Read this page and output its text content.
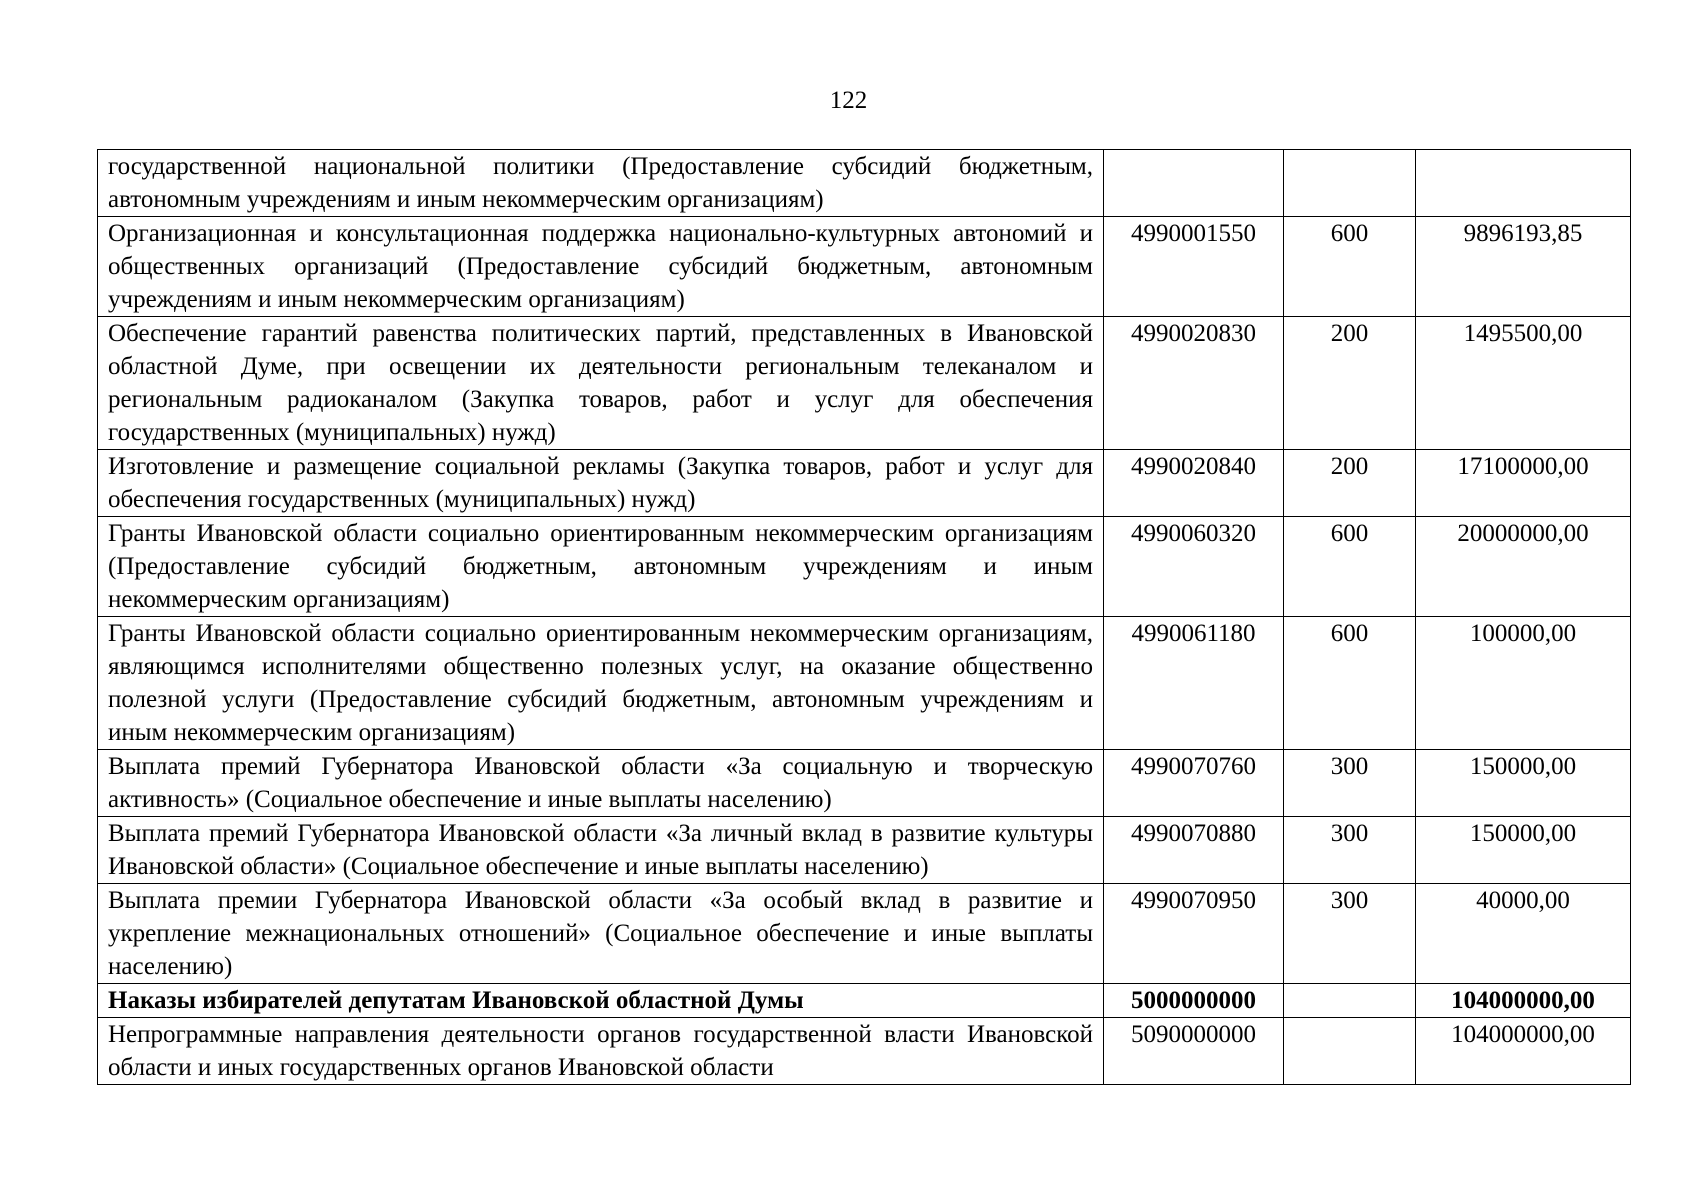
122
государственной национальной политики (Предоставление субсидий бюджетным, автономным учреждениям и иным некоммерческим организациям)			
Организационная и консультационная поддержка национально-культурных автономий и общественных организаций (Предоставление субсидий бюджетным, автономным учреждениям и иным некоммерческим организациям)	4990001550	600	9896193,85
Обеспечение гарантий равенства политических партий, представленных в Ивановской областной Думе, при освещении их деятельности региональным телеканалом и региональным радиоканалом (Закупка товаров, работ и услуг для обеспечения государственных (муниципальных) нужд)	4990020830	200	1495500,00
Изготовление и размещение социальной рекламы (Закупка товаров, работ и услуг для обеспечения государственных (муниципальных) нужд)	4990020840	200	17100000,00
Гранты Ивановской области социально ориентированным некоммерческим организациям (Предоставление субсидий бюджетным, автономным учреждениям и иным некоммерческим организациям)	4990060320	600	20000000,00
Гранты Ивановской области социально ориентированным некоммерческим организациям, являющимся исполнителями общественно полезных услуг, на оказание общественно полезной услуги (Предоставление субсидий бюджетным, автономным учреждениям и иным некоммерческим организациям)	4990061180	600	100000,00
Выплата премий Губернатора Ивановской области «За социальную и творческую активность» (Социальное обеспечение и иные выплаты населению)	4990070760	300	150000,00
Выплата премий Губернатора Ивановской области «За личный вклад в развитие культуры Ивановской области» (Социальное обеспечение и иные выплаты населению)	4990070880	300	150000,00
Выплата премии Губернатора Ивановской области «За особый вклад в развитие и укрепление межнациональных отношений» (Социальное обеспечение и иные выплаты населению)	4990070950	300	40000,00
Наказы избирателей депутатам Ивановской областной Думы	5000000000		104000000,00
Непрограммные направления деятельности органов государственной власти Ивановской области и иных государственных органов Ивановской области	5090000000		104000000,00
